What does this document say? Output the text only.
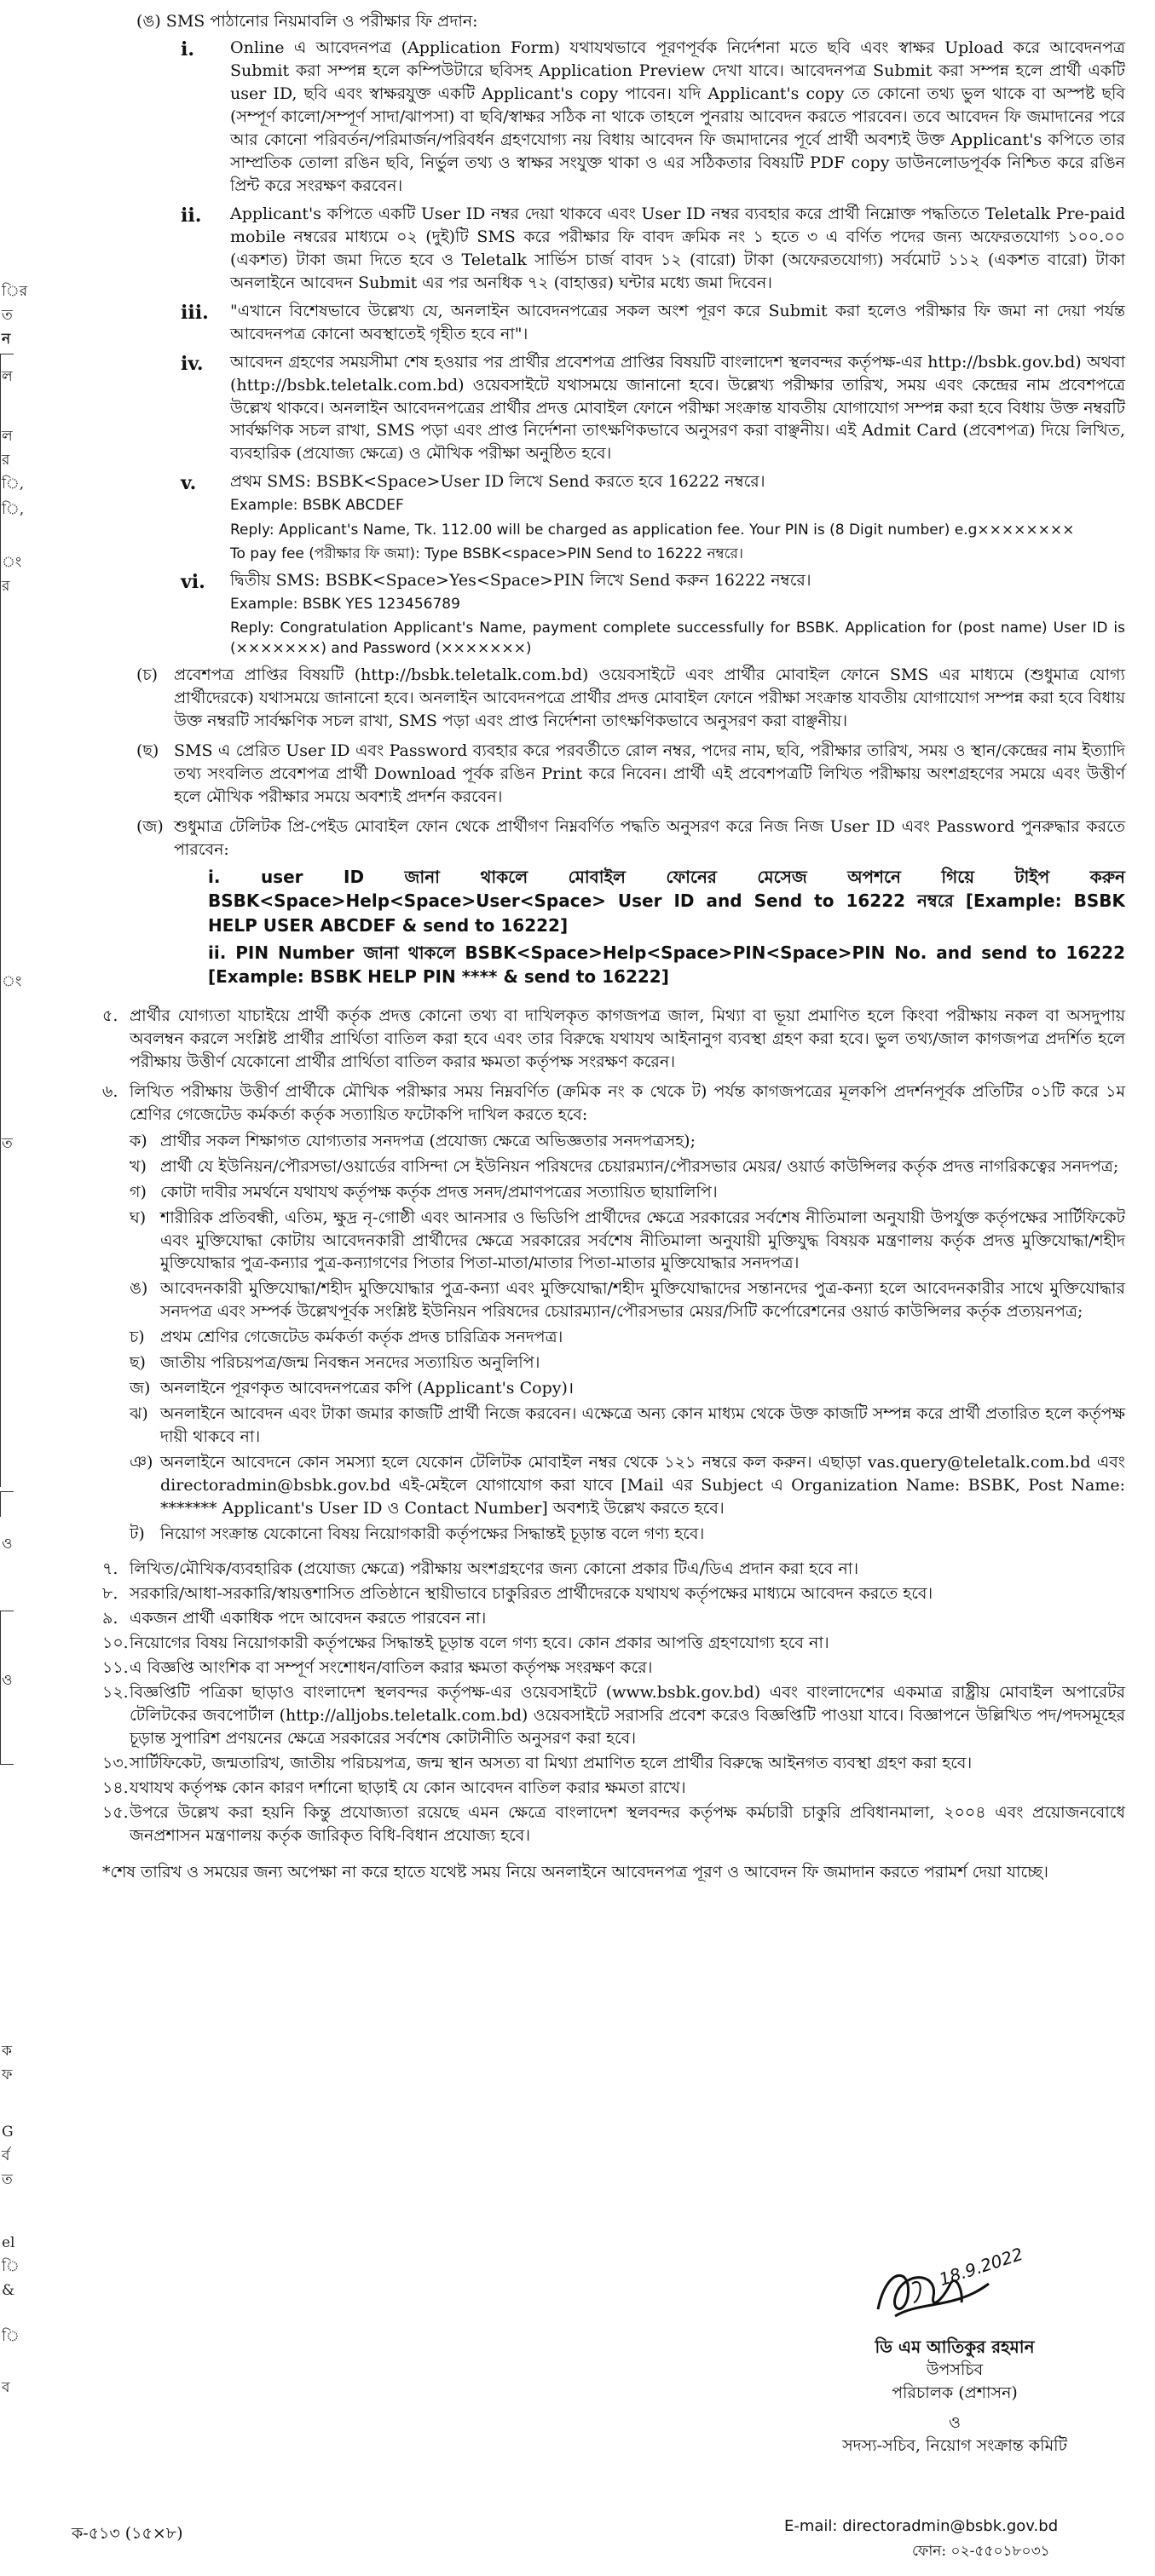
ির
ত
ন
ল
ল
র
ি,
ি,
ং
র
ং
ত
ও
ও
ক
ফ
G
র্ব
ত
el
ি
&
ি
ব
(ঙ) SMS পাঠানোর নিয়মাবলি ও পরীক্ষার ফি প্রদান:
i. Online এ আবেদনপত্র (Application Form) যথাযথভাবে পূরণপূর্বক নির্দেশনা মতে ছবি এবং স্বাক্ষর Upload করে আবেদনপত্র Submit করা সম্পন্ন হলে কম্পিউটারে ছবিসহ Application Preview দেখা যাবে। আবেদনপত্র Submit করা সম্পন্ন হলে প্রার্থী একটি user ID, ছবি এবং স্বাক্ষরযুক্ত একটি Applicant's copy পাবেন। যদি Applicant's copy তে কোনো তথ্য ভুল থাকে বা অস্পষ্ট ছবি (সম্পূর্ণ কালো/সম্পূর্ণ সাদা/ঝাপসা) বা ছবি/স্বাক্ষর সঠিক না থাকে তাহলে পুনরায় আবেদন করতে পারবেন। তবে আবেদন ফি জমাদানের পরে আর কোনো পরিবর্তন/পরিমার্জন/পরিবর্ধন গ্রহণযোগ্য নয় বিধায় আবেদন ফি জমাদানের পূর্বে প্রার্থী অবশ্যই উক্ত Applicant's কপিতে তার সাম্প্রতিক তোলা রঙিন ছবি, নির্ভুল তথ্য ও স্বাক্ষর সংযুক্ত থাকা ও এর সঠিকতার বিষয়টি PDF copy ডাউনলোডপূর্বক নিশ্চিত করে রঙিন প্রিন্ট করে সংরক্ষণ করবেন।
ii. Applicant's কপিতে একটি User ID নম্বর দেয়া থাকবে এবং User ID নম্বর ব্যবহার করে প্রার্থী নিম্নোক্ত পদ্ধতিতে Teletalk Pre-paid mobile নম্বরের মাধ্যমে ০২ (দুই)টি SMS করে পরীক্ষার ফি বাবদ ক্রমিক নং ১ হতে ৩ এ বর্ণিত পদের জন্য অফেরতযোগ্য ১০০.০০ (একশত) টাকা জমা দিতে হবে ও Teletalk সার্ভিস চার্জ বাবদ ১২ (বারো) টাকা (অফেরতযোগ্য) সর্বমোট ১১২ (একশত বারো) টাকা অনলাইনে আবেদন Submit এর পর অনধিক ৭২ (বাহাত্তর) ঘন্টার মধ্যে জমা দিবেন।
iii. "এখানে বিশেষভাবে উল্লেখ্য যে, অনলাইন আবেদনপত্রের সকল অংশ পূরণ করে Submit করা হলেও পরীক্ষার ফি জমা না দেয়া পর্যন্ত আবেদনপত্র কোনো অবস্থাতেই গৃহীত হবে না"।
iv. আবেদন গ্রহণের সময়সীমা শেষ হওয়ার পর প্রার্থীর প্রবেশপত্র প্রাপ্তির বিষয়টি বাংলাদেশ স্থলবন্দর কর্তৃপক্ষ-এর http://bsbk.gov.bd) অথবা (http://bsbk.teletalk.com.bd) ওয়েবসাইটে যথাসময়ে জানানো হবে। উল্লেখ্য পরীক্ষার তারিখ, সময় এবং কেন্দ্রের নাম প্রবেশপত্রে উল্লেখ থাকবে। অনলাইন আবেদনপত্রের প্রার্থীর প্রদত্ত মোবাইল ফোনে পরীক্ষা সংক্রান্ত যাবতীয় যোগাযোগ সম্পন্ন করা হবে বিধায় উক্ত নম্বরটি সার্বক্ষণিক সচল রাখা, SMS পড়া এবং প্রাপ্ত নির্দেশনা তাৎক্ষণিকভাবে অনুসরণ করা বাঞ্ছনীয়। এই Admit Card (প্রবেশপত্র) দিয়ে লিখিত, ব্যবহারিক (প্রযোজ্য ক্ষেত্রে) ও মৌখিক পরীক্ষা অনুষ্ঠিত হবে।
v. প্রথম SMS: BSBK<Space>User ID লিখে Send করতে হবে 16222 নম্বরে।
Example: BSBK ABCDEF
Reply: Applicant's Name, Tk. 112.00 will be charged as application fee. Your PIN is (8 Digit number) e.g××××××××
To pay fee (পরীক্ষার ফি জমা): Type BSBK<space>PIN Send to 16222 নম্বরে।
vi. দ্বিতীয় SMS: BSBK<Space>Yes<Space>PIN লিখে Send করুন 16222 নম্বরে।
Example: BSBK YES 123456789
Reply: Congratulation Applicant's Name, payment complete successfully for BSBK. Application for (post name) User ID is (×××××××) and Password (×××××××)
(চ) প্রবেশপত্র প্রাপ্তির বিষয়টি (http://bsbk.teletalk.com.bd) ওয়েবসাইটে এবং প্রার্থীর মোবাইল ফোনে SMS এর মাধ্যমে (শুধুমাত্র যোগ্য প্রার্থীদেরকে) যথাসময়ে জানানো হবে। অনলাইন আবেদনপত্রে প্রার্থীর প্রদত্ত মোবাইল ফোনে পরীক্ষা সংক্রান্ত যাবতীয় যোগাযোগ সম্পন্ন করা হবে বিধায় উক্ত নম্বরটি সার্বক্ষণিক সচল রাখা, SMS পড়া এবং প্রাপ্ত নির্দেশনা তাৎক্ষণিকভাবে অনুসরণ করা বাঞ্ছনীয়।
(ছ) SMS এ প্রেরিত User ID এবং Password ব্যবহার করে পরবর্তীতে রোল নম্বর, পদের নাম, ছবি, পরীক্ষার তারিখ, সময় ও স্থান/কেন্দ্রের নাম ইত্যাদি তথ্য সংবলিত প্রবেশপত্র প্রার্থী Download পূর্বক রঙিন Print করে নিবেন। প্রার্থী এই প্রবেশপত্রটি লিখিত পরীক্ষায় অংশগ্রহণের সময়ে এবং উত্তীর্ণ হলে মৌখিক পরীক্ষার সময়ে অবশ্যই প্রদর্শন করবেন।
(জ) শুধুমাত্র টেলিটক প্রি-পেইড মোবাইল ফোন থেকে প্রার্থীগণ নিম্নবর্ণিত পদ্ধতি অনুসরণ করে নিজ নিজ User ID এবং Password পুনরুদ্ধার করতে পারবেন:
i. user ID জানা থাকলে মোবাইল ফোনের মেসেজ অপশনে গিয়ে টাইপ করুন BSBK<Space>Help<Space>User<Space> User ID and Send to 16222 নম্বরে [Example: BSBK HELP USER ABCDEF & send to 16222]
ii. PIN Number জানা থাকলে BSBK<Space>Help<Space>PIN<Space>PIN No. and send to 16222 [Example: BSBK HELP PIN **** & send to 16222]
৫. প্রার্থীর যোগ্যতা যাচাইয়ে প্রার্থী কর্তৃক প্রদত্ত কোনো তথ্য বা দাখিলকৃত কাগজপত্র জাল, মিথ্যা বা ভূয়া প্রমাণিত হলে কিংবা পরীক্ষায় নকল বা অসদুপায় অবলম্বন করলে সংশ্লিষ্ট প্রার্থীর প্রার্থিতা বাতিল করা হবে এবং তার বিরুদ্ধে যথাযথ আইনানুগ ব্যবস্থা গ্রহণ করা হবে। ভুল তথ্য/জাল কাগজপত্র প্রদর্শিত হলে পরীক্ষায় উত্তীর্ণ যেকোনো প্রার্থীর প্রার্থিতা বাতিল করার ক্ষমতা কর্তৃপক্ষ সংরক্ষণ করেন।
৬. লিখিত পরীক্ষায় উত্তীর্ণ প্রার্থীকে মৌখিক পরীক্ষার সময় নিম্নবর্ণিত (ক্রমিক নং ক থেকে ট) পর্যন্ত কাগজপত্রের মূলকপি প্রদর্শনপূর্বক প্রতিটির ০১টি করে ১ম শ্রেণির গেজেটেড কর্মকর্তা কর্তৃক সত্যায়িত ফটোকপি দাখিল করতে হবে:
ক) প্রার্থীর সকল শিক্ষাগত যোগ্যতার সনদপত্র (প্রযোজ্য ক্ষেত্রে অভিজ্ঞতার সনদপত্রসহ);
খ) প্রার্থী যে ইউনিয়ন/পৌরসভা/ওয়ার্ডের বাসিন্দা সে ইউনিয়ন পরিষদের চেয়ারম্যান/পৌরসভার মেয়র/ ওয়ার্ড কাউন্সিলর কর্তৃক প্রদত্ত নাগরিকত্বের সনদপত্র;
গ) কোটা দাবীর সমর্থনে যথাযথ কর্তৃপক্ষ কর্তৃক প্রদত্ত সনদ/প্রমাণপত্রের সত্যায়িত ছায়ালিপি।
ঘ) শারীরিক প্রতিবন্ধী, এতিম, ক্ষুদ্র নৃ-গোষ্ঠী এবং আনসার ও ভিডিপি প্রার্থীদের ক্ষেত্রে সরকারের সর্বশেষ নীতিমালা অনুযায়ী উপর্যুক্ত কর্তৃপক্ষের সার্টিফিকেট এবং মুক্তিযোদ্ধা কোটায় আবেদনকারী প্রার্থীদের ক্ষেত্রে সরকারের সর্বশেষ নীতিমালা অনুযায়ী মুক্তিযুদ্ধ বিষয়ক মন্ত্রণালয় কর্তৃক প্রদত্ত মুক্তিযোদ্ধা/শহীদ মুক্তিযোদ্ধার পুত্র-কন্যার পুত্র-কন্যাগণের পিতার পিতা-মাতা/মাতার পিতা-মাতার মুক্তিযোদ্ধার সনদপত্র।
ঙ) আবেদনকারী মুক্তিযোদ্ধা/শহীদ মুক্তিযোদ্ধার পুত্র-কন্যা এবং মুক্তিযোদ্ধা/শহীদ মুক্তিযোদ্ধাদের সন্তানদের পুত্র-কন্যা হলে আবেদনকারীর সাথে মুক্তিযোদ্ধার সনদপত্র এবং সম্পর্ক উল্লেখপূর্বক সংশ্লিষ্ট ইউনিয়ন পরিষদের চেয়ারম্যান/পৌরসভার মেয়র/সিটি কর্পোরেশনের ওয়ার্ড কাউন্সিলর কর্তৃক প্রত্যয়নপত্র;
চ) প্রথম শ্রেণির গেজেটেড কর্মকর্তা কর্তৃক প্রদত্ত চারিত্রিক সনদপত্র।
ছ) জাতীয় পরিচয়পত্র/জন্ম নিবন্ধন সনদের সত্যায়িত অনুলিপি।
জ) অনলাইনে পূরণকৃত আবেদনপত্রের কপি (Applicant's Copy)।
ঝ) অনলাইনে আবেদন এবং টাকা জমার কাজটি প্রার্থী নিজে করবেন। এক্ষেত্রে অন্য কোন মাধ্যম থেকে উক্ত কাজটি সম্পন্ন করে প্রার্থী প্রতারিত হলে কর্তৃপক্ষ দায়ী থাকবে না।
ঞ) অনলাইনে আবেদনে কোন সমস্যা হলে যেকোন টেলিটক মোবাইল নম্বর থেকে ১২১ নম্বরে কল করুন। এছাড়া vas.query@teletalk.com.bd এবং directoradmin@bsbk.gov.bd এই-মেইলে যোগাযোগ করা যাবে [Mail এর Subject এ Organization Name: BSBK, Post Name: ******* Applicant's User ID ও Contact Number] অবশ্যই উল্লেখ করতে হবে।
ট) নিয়োগ সংক্রান্ত যেকোনো বিষয় নিয়োগকারী কর্তৃপক্ষের সিদ্ধান্তই চূড়ান্ত বলে গণ্য হবে।
৭. লিখিত/মৌখিক/ব্যবহারিক (প্রযোজ্য ক্ষেত্রে) পরীক্ষায় অংশগ্রহণের জন্য কোনো প্রকার টিএ/ডিএ প্রদান করা হবে না।
৮. সরকারি/আধা-সরকারি/স্বায়ত্তশাসিত প্রতিষ্ঠানে স্থায়ীভাবে চাকুরিরত প্রার্থীদেরকে যথাযথ কর্তৃপক্ষের মাধ্যমে আবেদন করতে হবে।
৯. একজন প্রার্থী একাধিক পদে আবেদন করতে পারবেন না।
১০. নিয়োগের বিষয় নিয়োগকারী কর্তৃপক্ষের সিদ্ধান্তই চূড়ান্ত বলে গণ্য হবে। কোন প্রকার আপত্তি গ্রহণযোগ্য হবে না।
১১. এ বিজ্ঞপ্তি আংশিক বা সম্পূর্ণ সংশোধন/বাতিল করার ক্ষমতা কর্তৃপক্ষ সংরক্ষণ করে।
১২. বিজ্ঞপ্তিটি পত্রিকা ছাড়াও বাংলাদেশ স্থলবন্দর কর্তৃপক্ষ-এর ওয়েবসাইটে (www.bsbk.gov.bd) এবং বাংলাদেশের একমাত্র রাষ্ট্রীয় মোবাইল অপারেটর টেলিটকের জবপোর্টাল (http://alljobs.teletalk.com.bd) ওয়েবসাইটে সরাসরি প্রবেশ করেও বিজ্ঞপ্তিটি পাওয়া যাবে। বিজ্ঞাপনে উল্লিখিত পদ/পদসমূহের চূড়ান্ত সুপারিশ প্রণয়নের ক্ষেত্রে সরকারের সর্বশেষ কোটানীতি অনুসরণ করা হবে।
১৩. সার্টিফিকেট, জন্মতারিখ, জাতীয় পরিচয়পত্র, জন্ম স্থান অসত্য বা মিথ্যা প্রমাণিত হলে প্রার্থীর বিরুদ্ধে আইনগত ব্যবস্থা গ্রহণ করা হবে।
১৪. যথাযথ কর্তৃপক্ষ কোন কারণ দর্শানো ছাড়াই যে কোন আবেদন বাতিল করার ক্ষমতা রাখে।
১৫. উপরে উল্লেখ করা হয়নি কিন্তু প্রযোজ্যতা রয়েছে এমন ক্ষেত্রে বাংলাদেশ স্থলবন্দর কর্তৃপক্ষ কর্মচারী চাকুরি প্রবিধানমালা, ২০০৪ এবং প্রয়োজনবোধে জনপ্রশাসন মন্ত্রণালয় কর্তৃক জারিকৃত বিধি-বিধান প্রযোজ্য হবে।
*শেষ তারিখ ও সময়ের জন্য অপেক্ষা না করে হাতে যথেষ্ট সময় নিয়ে অনলাইনে আবেদনপত্র পূরণ ও আবেদন ফি জমাদান করতে পরামর্শ দেয়া যাচ্ছে।
18.9.2022
ডি এম আতিকুর রহমান
উপসচিব
পরিচালক (প্রশাসন)
ও
সদস্য-সচিব, নিয়োগ সংক্রান্ত কমিটি
E-mail: directoradmin@bsbk.gov.bd
ফোন: ০২-৫৫০১৮০৩১
ক-৫১৩ (১৫×৮)
